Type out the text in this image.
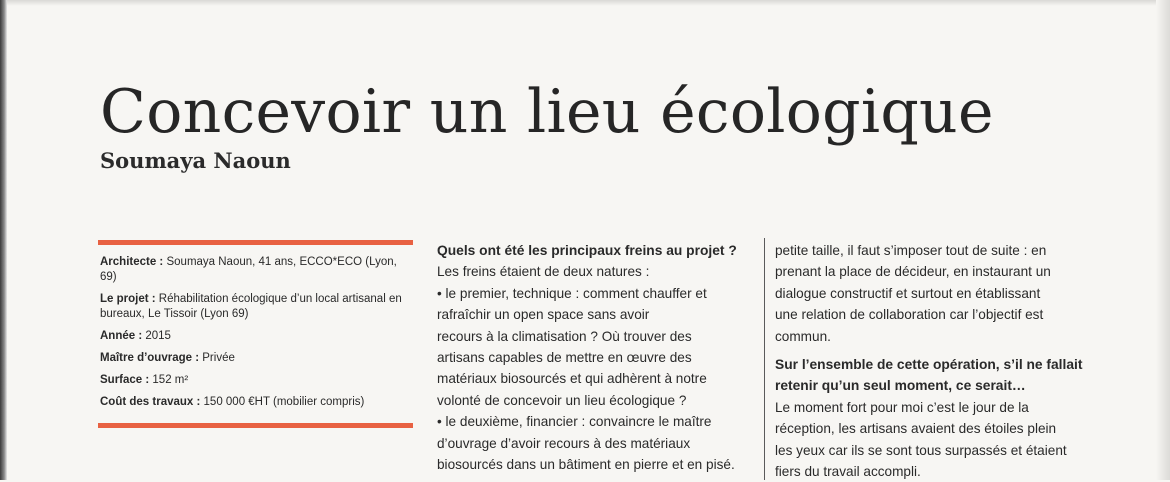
Concevoir un lieu écologique
Soumaya Naoun
Architecte : Soumaya Naoun, 41 ans, ECCO*ECO (Lyon, 69)
Le projet : Réhabilitation écologique d’un local artisanal en bureaux, Le Tissoir (Lyon 69)
Année : 2015
Maître d’ouvrage : Privée
Surface : 152 m²
Coût des travaux : 150 000 €HT (mobilier compris)
Quels ont été les principaux freins au projet ?
Les freins étaient de deux natures :
• le premier, technique : comment chauffer et
rafraîchir un open space sans avoir
recours à la climatisation ? Où trouver des
artisans capables de mettre en œuvre des
matériaux biosourcés et qui adhèrent à notre
volonté de concevoir un lieu écologique ?
• le deuxième, financier : convaincre le maître
d’ouvrage d’avoir recours à des matériaux
biosourcés dans un bâtiment en pierre et en pisé.
petite taille, il faut s’imposer tout de suite : en
prenant la place de décideur, en instaurant un
dialogue constructif et surtout en établissant
une relation de collaboration car l’objectif est
commun.
Sur l’ensemble de cette opération, s’il ne fallait
retenir qu’un seul moment, ce serait…
Le moment fort pour moi c’est le jour de la
réception, les artisans avaient des étoiles plein
les yeux car ils se sont tous surpassés et étaient
fiers du travail accompli.
